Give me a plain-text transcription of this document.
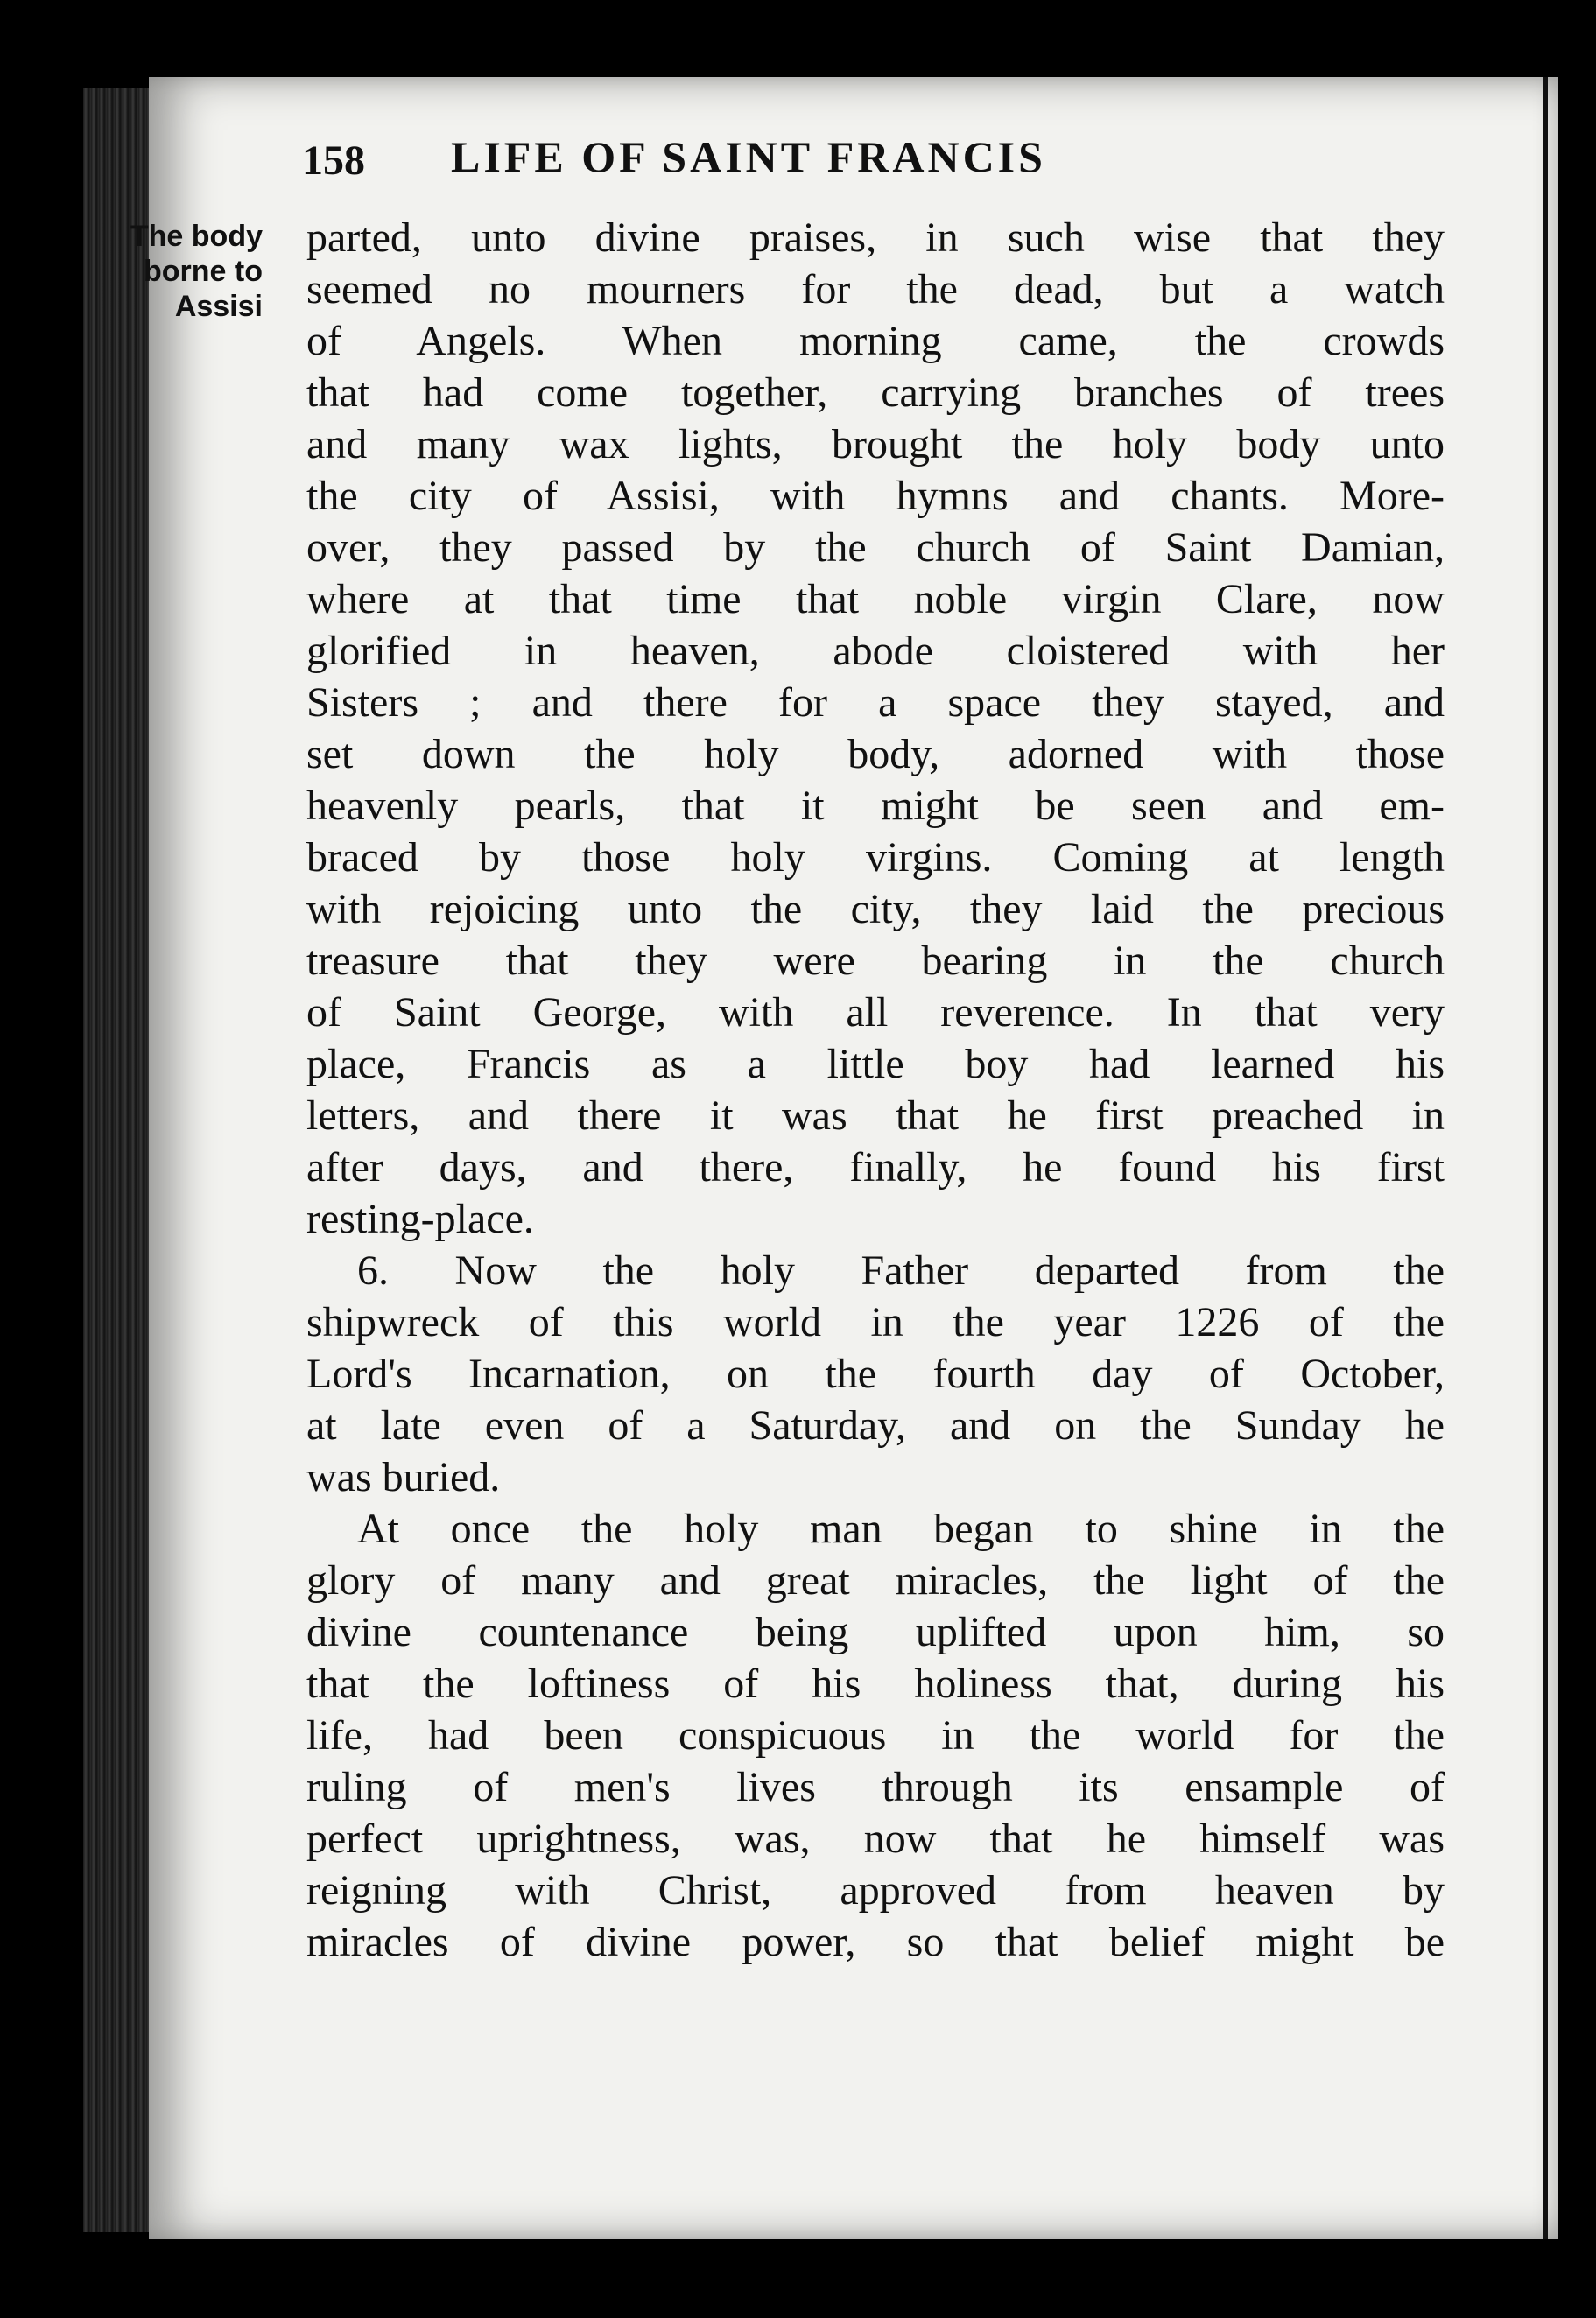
158 LIFE OF SAINT FRANCIS
The body
borne to
Assisi
parted, unto divine praises, in such wise that they
seemed no mourners for the dead, but a watch
of Angels. When morning came, the crowds
that had come together, carrying branches of trees
and many wax lights, brought the holy body unto
the city of Assisi, with hymns and chants. More-
over, they passed by the church of Saint Damian,
where at that time that noble virgin Clare, now
glorified in heaven, abode cloistered with her
Sisters ; and there for a space they stayed, and
set down the holy body, adorned with those
heavenly pearls, that it might be seen and em-
braced by those holy virgins. Coming at length
with rejoicing unto the city, they laid the precious
treasure that they were bearing in the church
of Saint George, with all reverence. In that very
place, Francis as a little boy had learned his
letters, and there it was that he first preached in
after days, and there, finally, he found his first
resting-place.
6. Now the holy Father departed from the
shipwreck of this world in the year 1226 of the
Lord's Incarnation, on the fourth day of October,
at late even of a Saturday, and on the Sunday he
was buried.
At once the holy man began to shine in the
glory of many and great miracles, the light of the
divine countenance being uplifted upon him, so
that the loftiness of his holiness that, during his
life, had been conspicuous in the world for the
ruling of men's lives through its ensample of
perfect uprightness, was, now that he himself was
reigning with Christ, approved from heaven by
miracles of divine power, so that belief might be
